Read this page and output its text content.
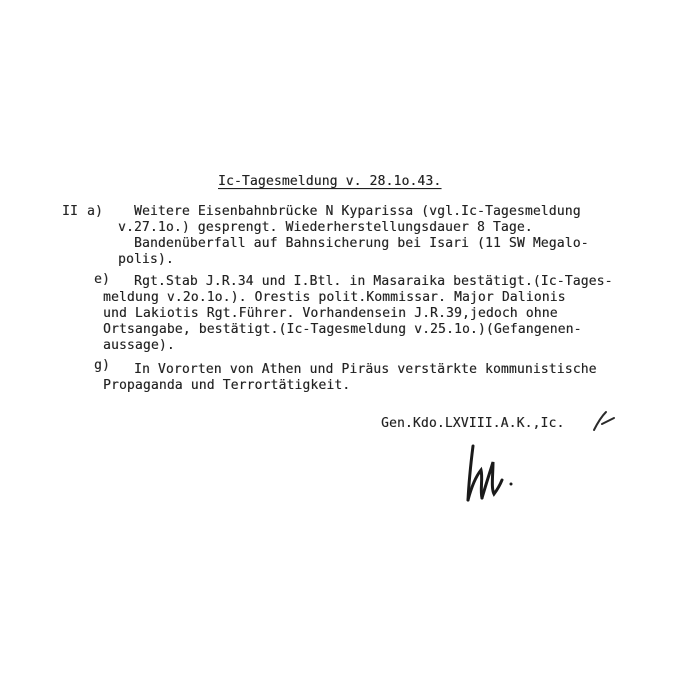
Ic-Tagesmeldung v. 28.1o.43.
II a) Weitere Eisenbahnbrücke N Kyparissa (vgl.Ic-Tagesmeldung
v.27.1o.) gesprengt. Wiederherstellungsdauer 8 Tage.
Bandenüberfall auf Bahnsicherung bei Isari (11 SW Megalo-
polis).
e) Rgt.Stab J.R.34 und I.Btl. in Masaraika bestätigt.(Ic-Tages-
meldung v.2o.1o.). Orestis polit.Kommissar. Major Dalionis
und Lakiotis Rgt.Führer. Vorhandensein J.R.39,jedoch ohne
Ortsangabe, bestätigt.(Ic-Tagesmeldung v.25.1o.)(Gefangenen-
aussage).
g) In Vororten von Athen und Piräus verstärkte kommunistische
Propaganda und Terrortätigkeit.
Gen.Kdo.LXVIII.A.K.,Ic.
